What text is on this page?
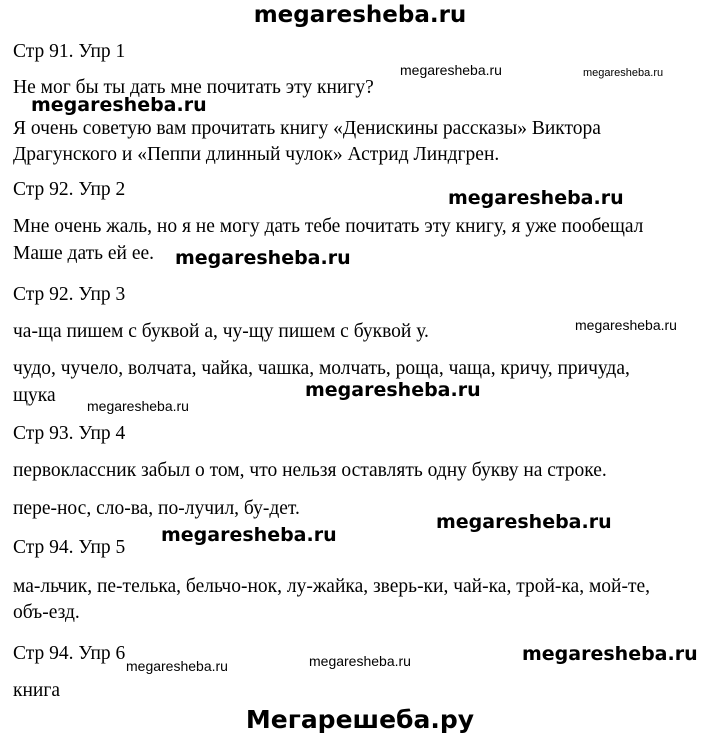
megaresheba.ru
Стр 91. Упр 1
Не мог бы ты дать мне почитать эту книгу?
Я очень советую вам прочитать книгу «Денискины рассказы» Виктора
Драгунского и «Пеппи длинный чулок» Астрид Линдгрен.
Стр 92. Упр 2
Мне очень жаль, но я не могу дать тебе почитать эту книгу, я уже пообещал
Маше дать ей ее.
Стр 92. Упр 3
ча-ща пишем с буквой а, чу-щу пишем с буквой у.
чудо, чучело, волчата, чайка, чашка, молчать, роща, чаща, кричу, причуда,
щука
Стр 93. Упр 4
первоклассник забыл о том, что нельзя оставлять одну букву на строке.
пере-нос, сло-ва, по-лучил, бу-дет.
Стр 94. Упр 5
ма-льчик, пе-телька, бельчо-нок, лу-жайка, зверь-ки, чай-ка, трой-ка, мой-те,
объ-езд.
Стр 94. Упр 6
книга
megaresheba.ru	megaresheba.ru
megaresheba.ru
megaresheba.ru
megaresheba.ru
megaresheba.ru
megaresheba.ru
megaresheba.ru
megaresheba.ru
megaresheba.ru
megaresheba.ru	megaresheba.ru	megaresheba.ru
Мегарешеба.ру
